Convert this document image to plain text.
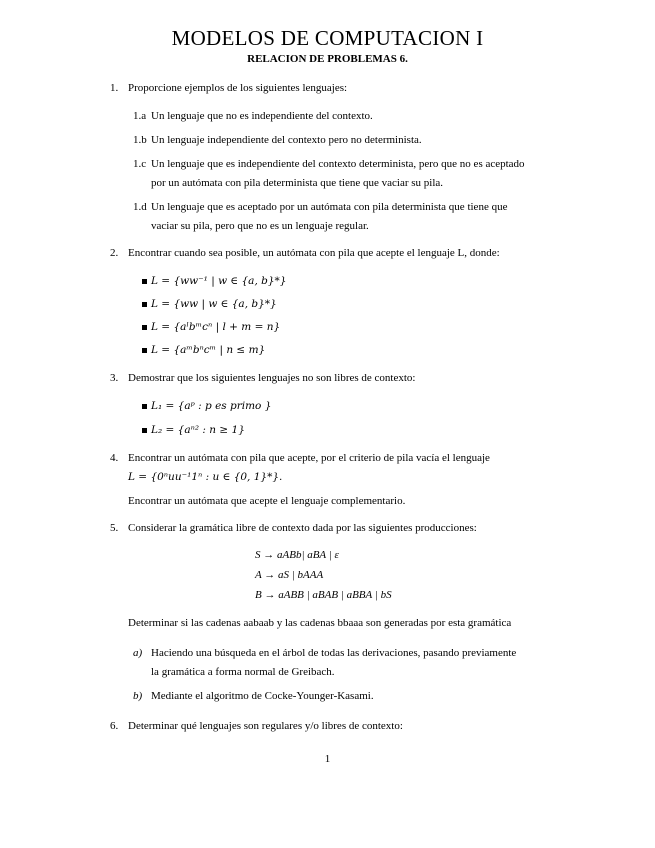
MODELOS DE COMPUTACION I
RELACION DE PROBLEMAS 6.
1. Proporcione ejemplos de los siguientes lenguajes:
1.a Un lenguaje que no es independiente del contexto.
1.b Un lenguaje independiente del contexto pero no determinista.
1.c Un lenguaje que es independiente del contexto determinista, pero que no es aceptado
por un autómata con pila determinista que tiene que vaciar su pila.
1.d Un lenguaje que es aceptado por un autómata con pila determinista que tiene que
vaciar su pila, pero que no es un lenguaje regular.
2. Encontrar cuando sea posible, un autómata con pila que acepte el lenguaje L, donde:
L = {ww⁻¹ | w ∈ {a, b}*}
L = {ww | w ∈ {a, b}*}
L = {aˡbᵐcⁿ | l + m = n}
L = {aᵐbⁿcᵐ | n ≤ m}
3. Demostrar que los siguientes lenguajes no son libres de contexto:
L₁ = {aᵖ : p es primo }
L₂ = {aⁿ² : n ≥ 1}
4. Encontrar un autómata con pila que acepte, por el criterio de pila vacía el lenguaje
L = {0ⁿuu⁻¹1ⁿ : u ∈ {0, 1}*}.
Encontrar un autómata que acepte el lenguaje complementario.
5. Considerar la gramática libre de contexto dada por las siguientes producciones:
S → aABb| aBA | ε
A → aS | bAAA
B → aABB | aBAB | aBBA | bS
Determinar si las cadenas aabaab y las cadenas bbaaa son generadas por esta gramática
a) Haciendo una búsqueda en el árbol de todas las derivaciones, pasando previamente
la gramática a forma normal de Greibach.
b) Mediante el algoritmo de Cocke-Younger-Kasami.
6. Determinar qué lenguajes son regulares y/o libres de contexto:
1
